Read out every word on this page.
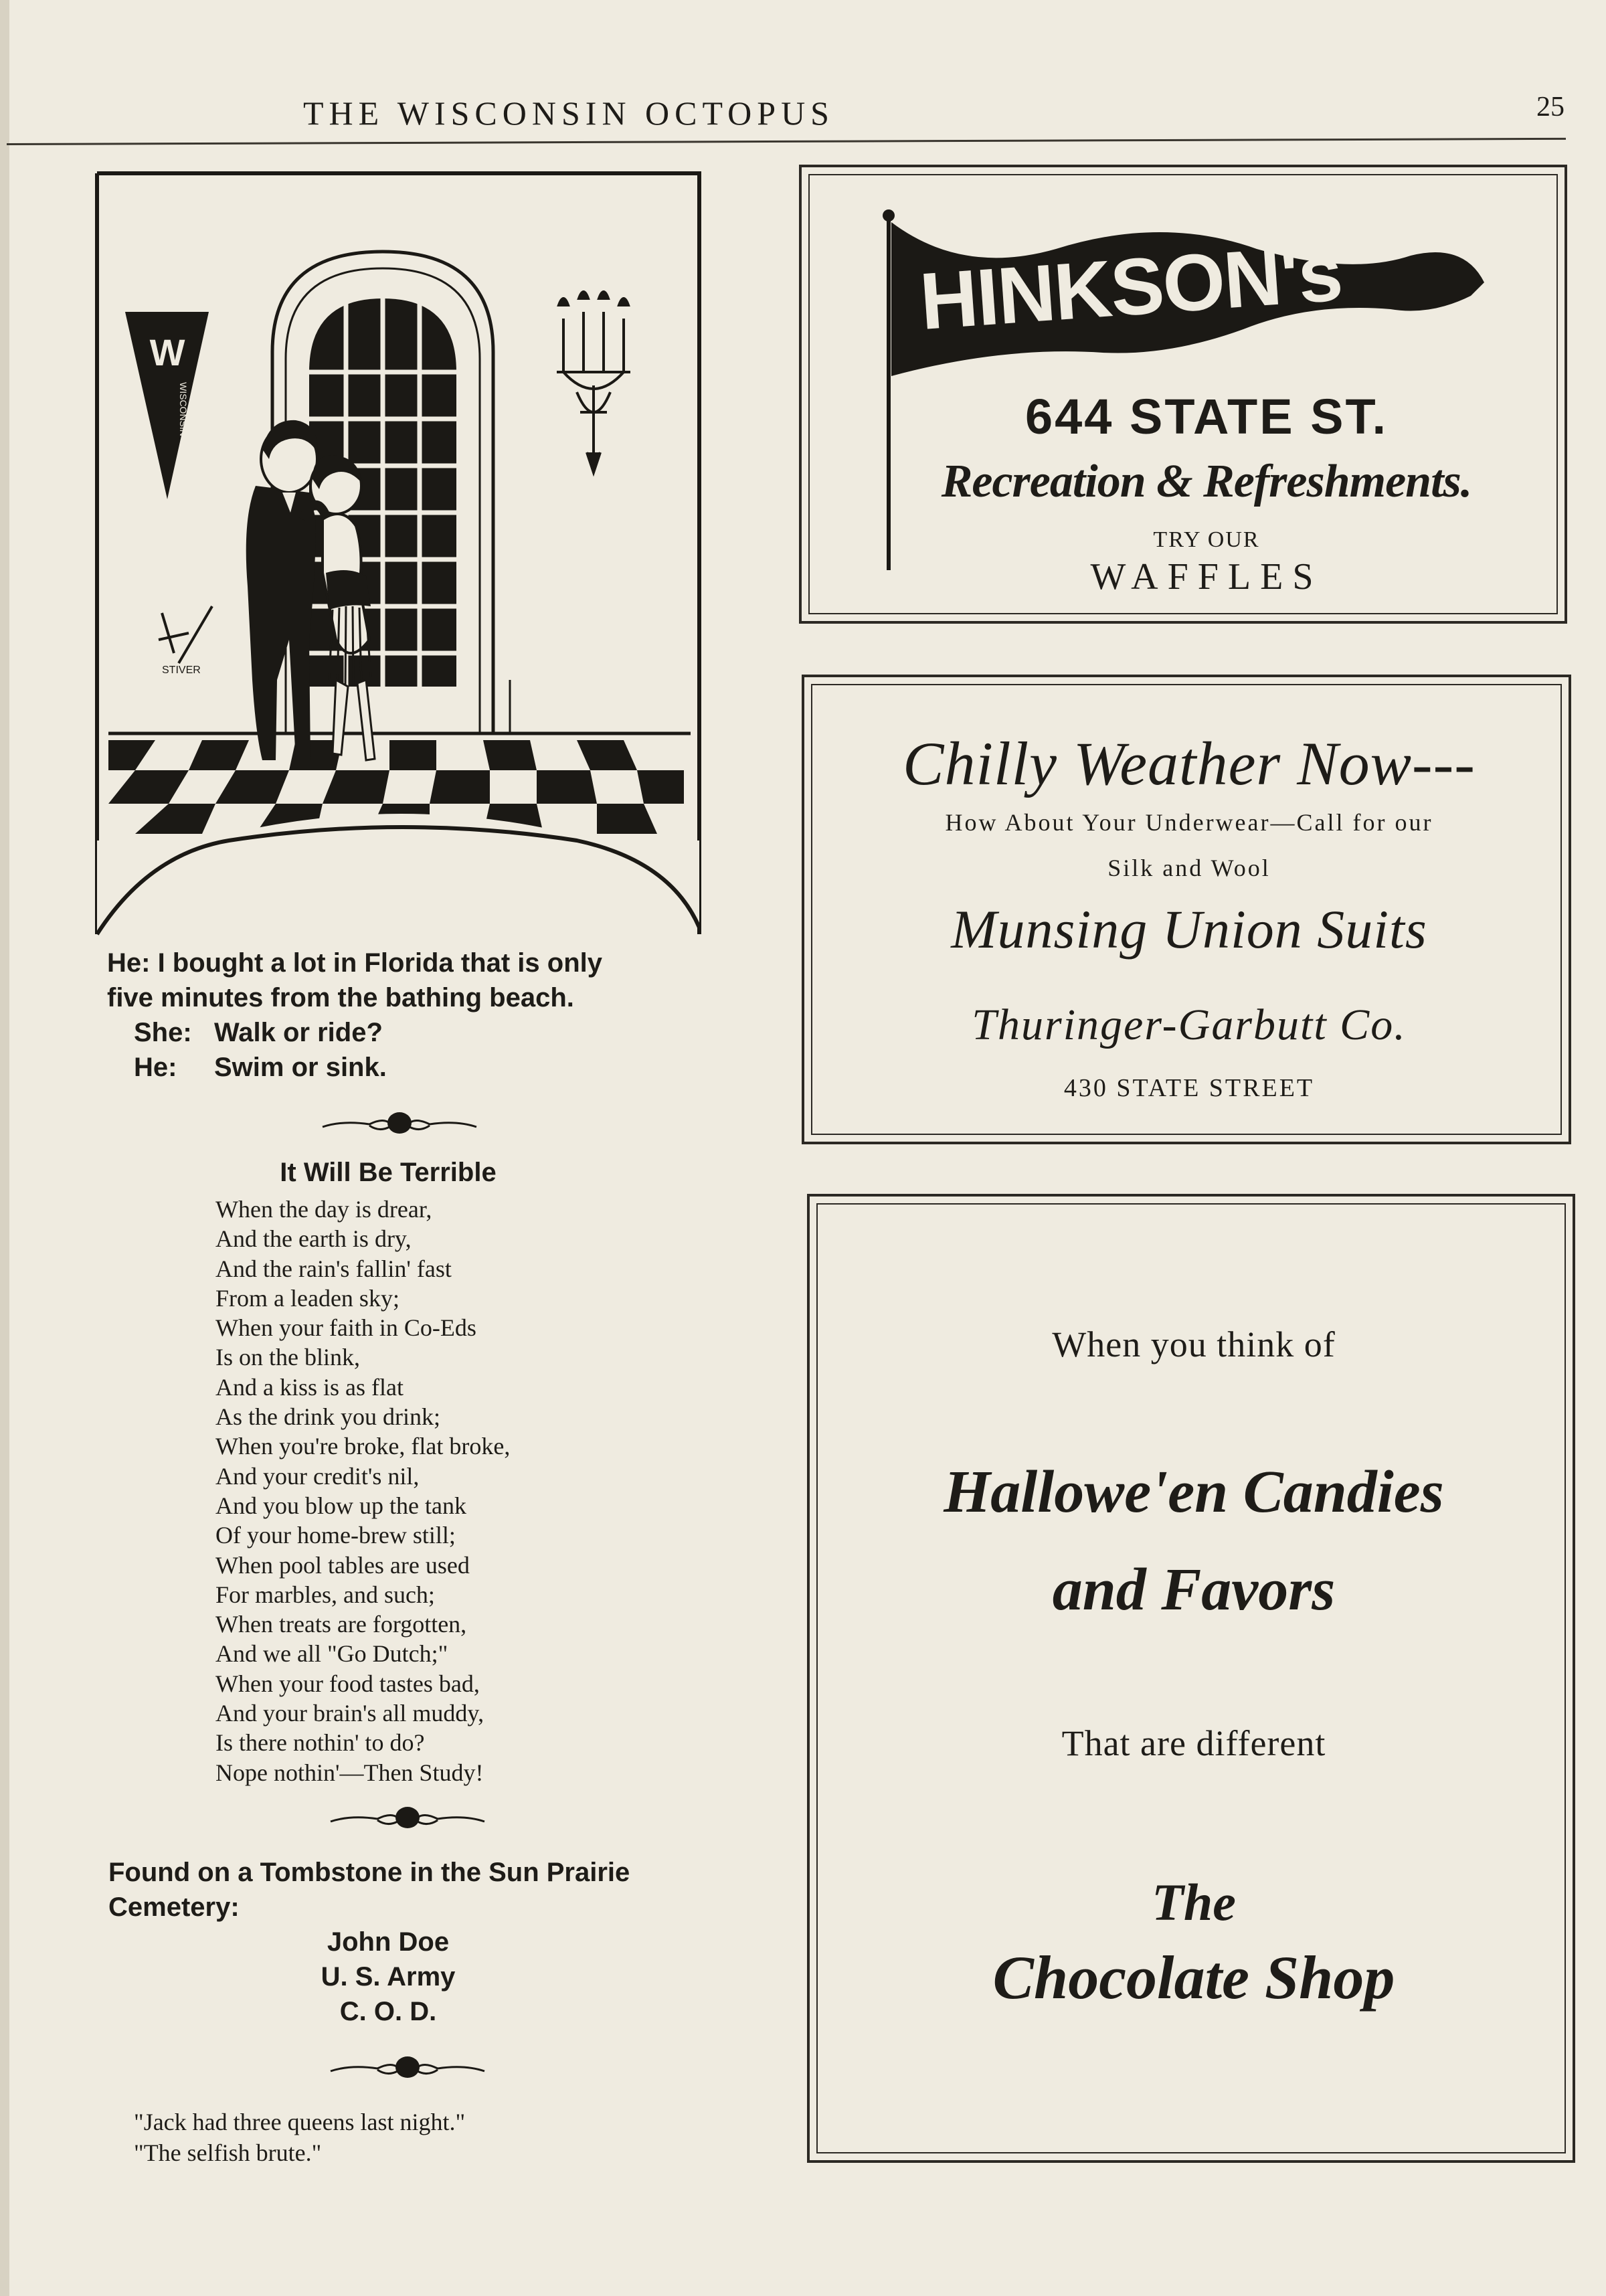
THE WISCONSIN OCTOPUS	25
W
WISCONSIN
STIVER
He: I bought a lot in Florida that is only
five minutes from the bathing beach.
She: Walk or ride?
He: Swim or sink.
It Will Be Terrible
When the day is drear,
And the earth is dry,
And the rain's fallin' fast
From a leaden sky;
When your faith in Co-Eds
Is on the blink,
And a kiss is as flat
As the drink you drink;
When you're broke, flat broke,
And your credit's nil,
And you blow up the tank
Of your home-brew still;
When pool tables are used
For marbles, and such;
When treats are forgotten,
And we all "Go Dutch;"
When your food tastes bad,
And your brain's all muddy,
Is there nothin' to do?
Nope nothin'—Then Study!
Found on a Tombstone in the Sun Prairie
Cemetery:
John Doe
U. S. Army
C. O. D.
"Jack had three queens last night."
"The selfish brute."
HINKSON's
644 STATE ST.
Recreation & Refreshments.
TRY OUR
WAFFLES
Chilly Weather Now---
How About Your Underwear—Call for our
Silk and Wool
Munsing Union Suits
Thuringer-Garbutt Co.
430 STATE STREET
When you think of
Hallowe'en Candies
and Favors
That are different
The
Chocolate Shop
